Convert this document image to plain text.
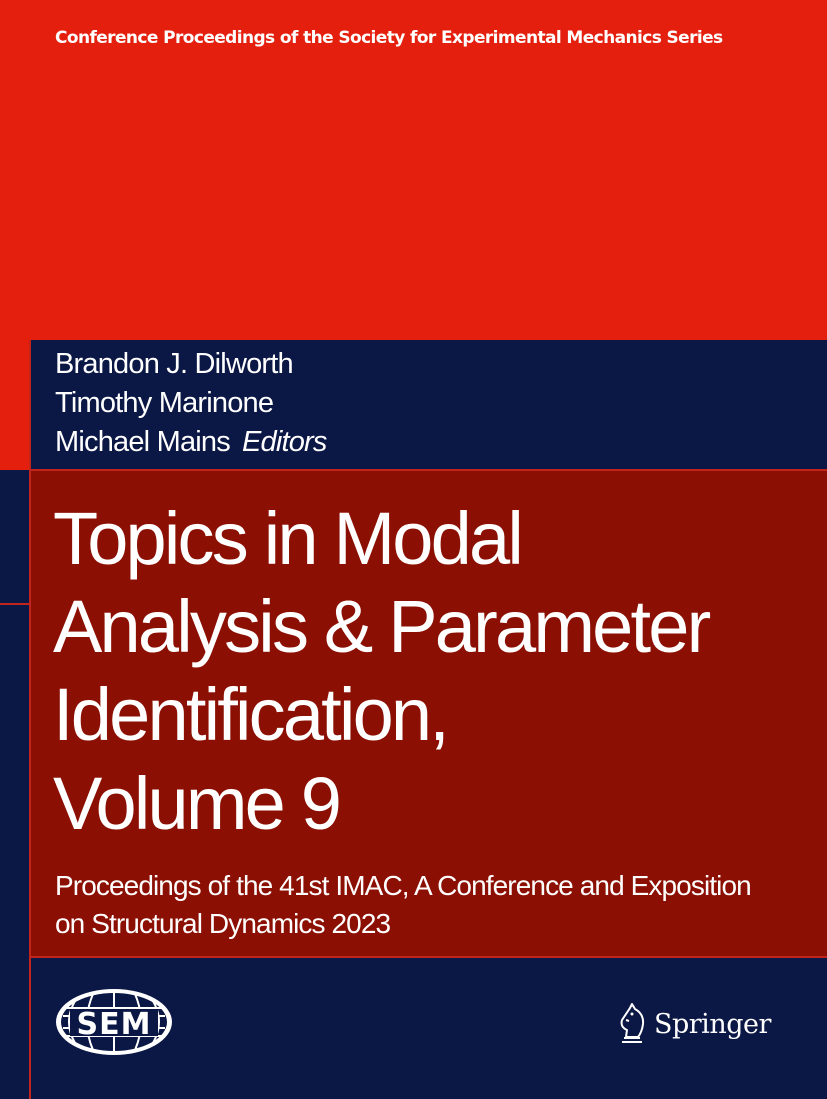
Conference Proceedings of the Society for Experimental Mechanics Series
Brandon J. Dilworth
Timothy Marinone
Michael Mains Editors
Topics in Modal
Analysis & Parameter
Identification,
Volume 9
Proceedings of the 41st IMAC, A Conference and Exposition
on Structural Dynamics 2023
SEM	Springer
